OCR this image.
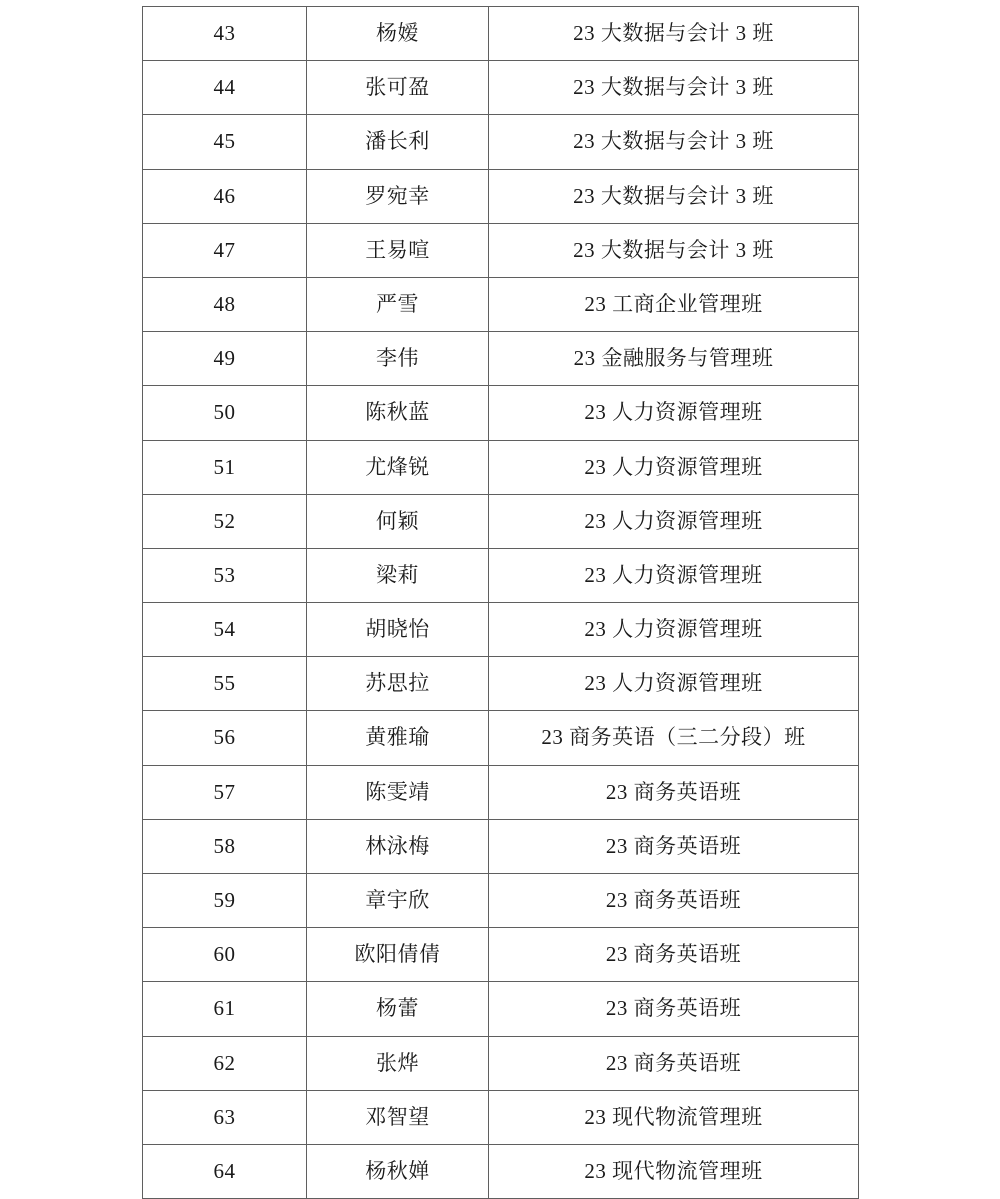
43	杨嫒	23 大数据与会计 3 班
44	张可盈	23 大数据与会计 3 班
45	潘长利	23 大数据与会计 3 班
46	罗宛幸	23 大数据与会计 3 班
47	王易喧	23 大数据与会计 3 班
48	严雪	23 工商企业管理班
49	李伟	23 金融服务与管理班
50	陈秋蓝	23 人力资源管理班
51	尤烽锐	23 人力资源管理班
52	何颖	23 人力资源管理班
53	梁莉	23 人力资源管理班
54	胡晓怡	23 人力资源管理班
55	苏思拉	23 人力资源管理班
56	黄雅瑜	23 商务英语（三二分段）班
57	陈雯靖	23 商务英语班
58	林泳梅	23 商务英语班
59	章宇欣	23 商务英语班
60	欧阳倩倩	23 商务英语班
61	杨蕾	23 商务英语班
62	张烨	23 商务英语班
63	邓智望	23 现代物流管理班
64	杨秋婵	23 现代物流管理班
